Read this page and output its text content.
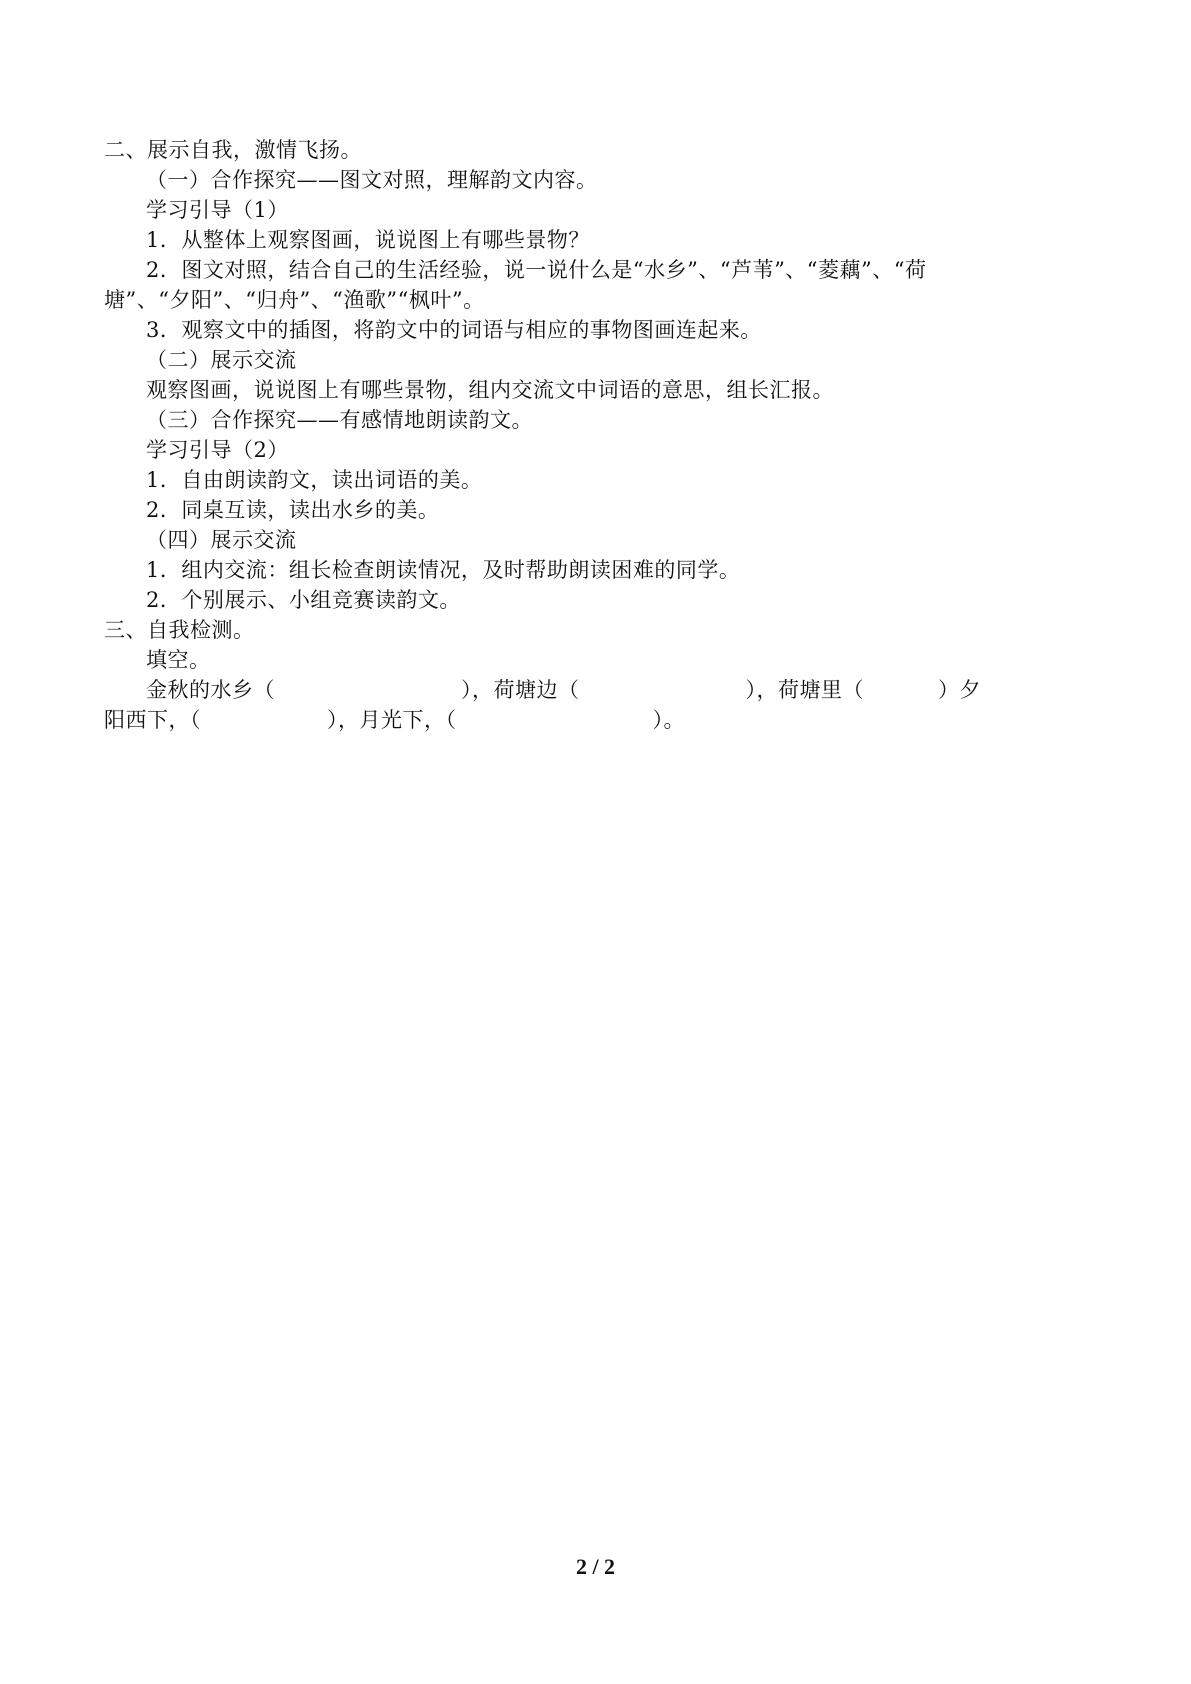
二、展示自我，激情飞扬。
（一）合作探究——图文对照，理解韵文内容。
学习引导（1）
1．从整体上观察图画，说说图上有哪些景物？
2．图文对照，结合自己的生活经验，说一说什么是“水乡”、“芦苇”、“菱藕”、“荷
塘”、“夕阳”、“归舟”、“渔歌”“枫叶”。
3．观察文中的插图，将韵文中的词语与相应的事物图画连起来。
（二）展示交流
观察图画，说说图上有哪些景物，组内交流文中词语的意思，组长汇报。
（三）合作探究——有感情地朗读韵文。
学习引导（2）
1．自由朗读韵文，读出词语的美。
2．同桌互读，读出水乡的美。
（四）展示交流
1．组内交流：组长检查朗读情况，及时帮助朗读困难的同学。
2．个别展示、小组竞赛读韵文。
三、自我检测。
填空。
金秋的水乡（	），荷塘边（	），荷塘里（	）夕
阳西下，（	），月光下，（	）。
2 / 2
